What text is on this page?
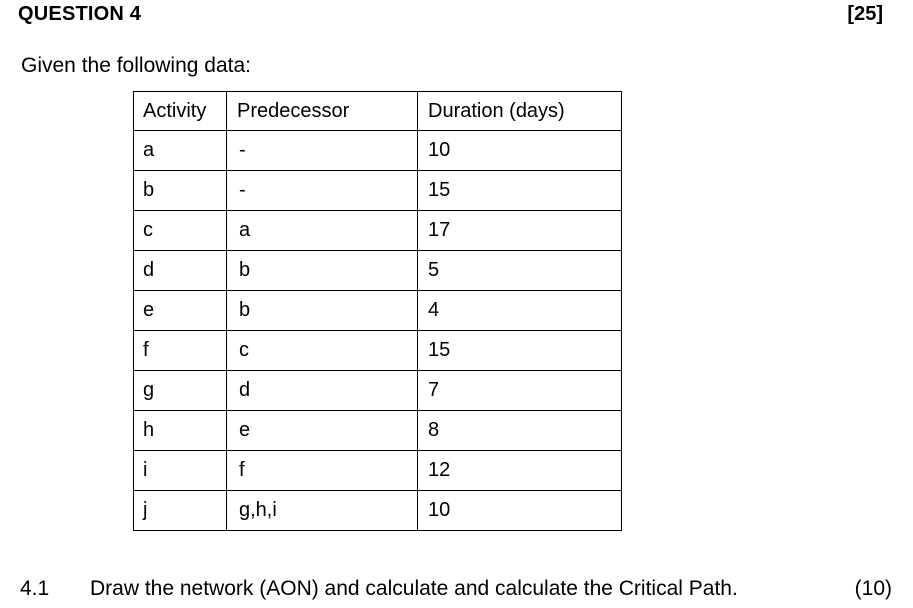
QUESTION 4	[25]
Given the following data:
Activity	Predecessor	Duration (days)
a	-	10
b	-	15
c	a	17
d	b	5
e	b	4
f	c	15
g	d	7
h	e	8
i	f	12
j	g,h,i	10
4.1 Draw the network (AON) and calculate and calculate the Critical Path.	(10)
